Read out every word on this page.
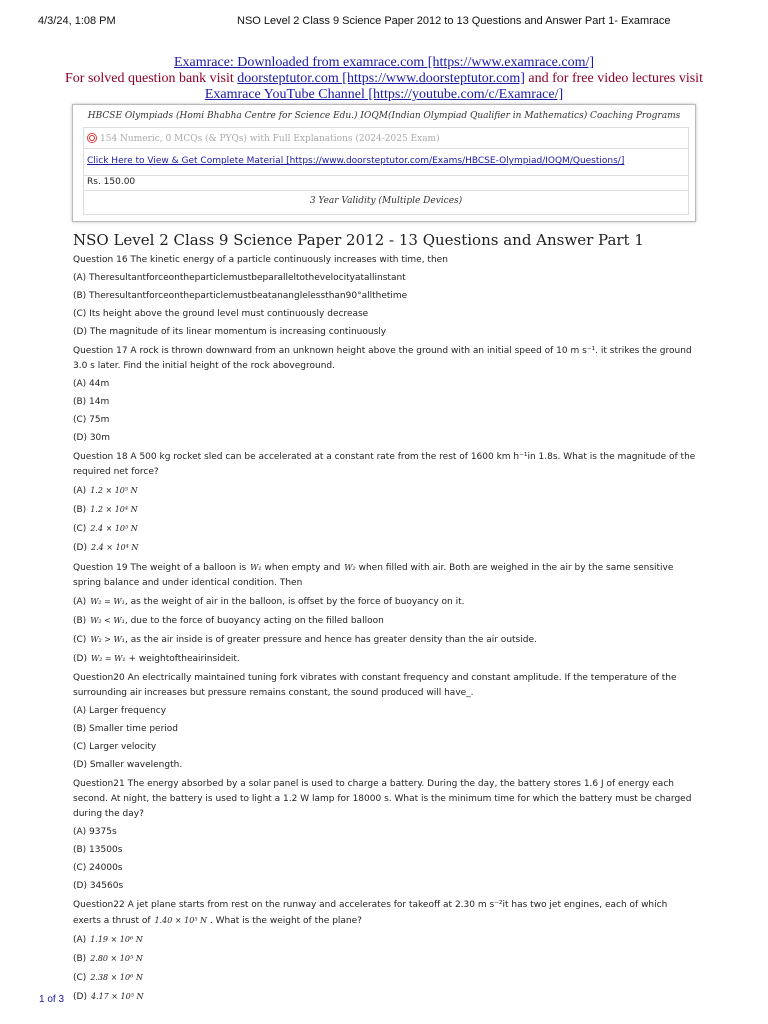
4/3/24, 1:08 PM	NSO Level 2 Class 9 Science Paper 2012 to 13 Questions and Answer Part 1- Examrace
Examrace: Downloaded from examrace.com [https://www.examrace.com/]
For solved question bank visit doorsteptutor.com [https://www.doorsteptutor.com] and for free video lectures visit
Examrace YouTube Channel [https://youtube.com/c/Examrace/]
HBCSE Olympiads (Homi Bhabha Centre for Science Edu.) IOQM(Indian Olympiad Qualifier in Mathematics) Coaching Programs
154 Numeric, 0 MCQs (& PYQs) with Full Explanations (2024-2025 Exam)
Click Here to View & Get Complete Material [https://www.doorsteptutor.com/Exams/HBCSE-Olympiad/IOQM/Questions/]
Rs. 150.00
3 Year Validity (Multiple Devices)
NSO Level 2 Class 9 Science Paper 2012 - 13 Questions and Answer Part 1
Question 16 The kinetic energy of a particle continuously increases with time, then
(A) Theresultantforceontheparticlemustbeparalleltothevelocityatallinstant
(B) Theresultantforceontheparticlemustbeatananglelessthan90°allthetime
(C) Its height above the ground level must continuously decrease
(D) The magnitude of its linear momentum is increasing continuously
Question 17 A rock is thrown downward from an unknown height above the ground with an initial speed of 10 m s⁻¹. it strikes the ground 3.0 s later. Find the initial height of the rock aboveground.
(A) 44m
(B) 14m
(C) 75m
(D) 30m
Question 18 A 500 kg rocket sled can be accelerated at a constant rate from the rest of 1600 km h⁻¹in 1.8s. What is the magnitude of the required net force?
(A) 1.2 × 10⁵ N
(B) 1.2 × 10⁴ N
(C) 2.4 × 10⁵ N
(D) 2.4 × 10⁴ N
Question 19 The weight of a balloon is W₁ when empty and W₂ when filled with air. Both are weighed in the air by the same sensitive spring balance and under identical condition. Then
(A) W₂ = W₁, as the weight of air in the balloon, is offset by the force of buoyancy on it.
(B) W₂ < W₁, due to the force of buoyancy acting on the filled balloon
(C) W₂ > W₁, as the air inside is of greater pressure and hence has greater density than the air outside.
(D) W₂ = W₁ + weightoftheairinsideit.
Question20 An electrically maintained tuning fork vibrates with constant frequency and constant amplitude. If the temperature of the surrounding air increases but pressure remains constant, the sound produced will have_.
(A) Larger frequency
(B) Smaller time period
(C) Larger velocity
(D) Smaller wavelength.
Question21 The energy absorbed by a solar panel is used to charge a battery. During the day, the battery stores 1.6 J of energy each second. At night, the battery is used to light a 1.2 W lamp for 18000 s. What is the minimum time for which the battery must be charged during the day?
(A) 9375s
(B) 13500s
(C) 24000s
(D) 34560s
Question22 A jet plane starts from rest on the runway and accelerates for takeoff at 2.30 m s⁻²it has two jet engines, each of which exerts a thrust of 1.40 × 10⁵ N . What is the weight of the plane?
(A) 1.19 × 10⁶ N
(B) 2.80 × 10⁵ N
(C) 2.38 × 10⁶ N
(D) 4.17 × 10⁵ N
1 of 3
